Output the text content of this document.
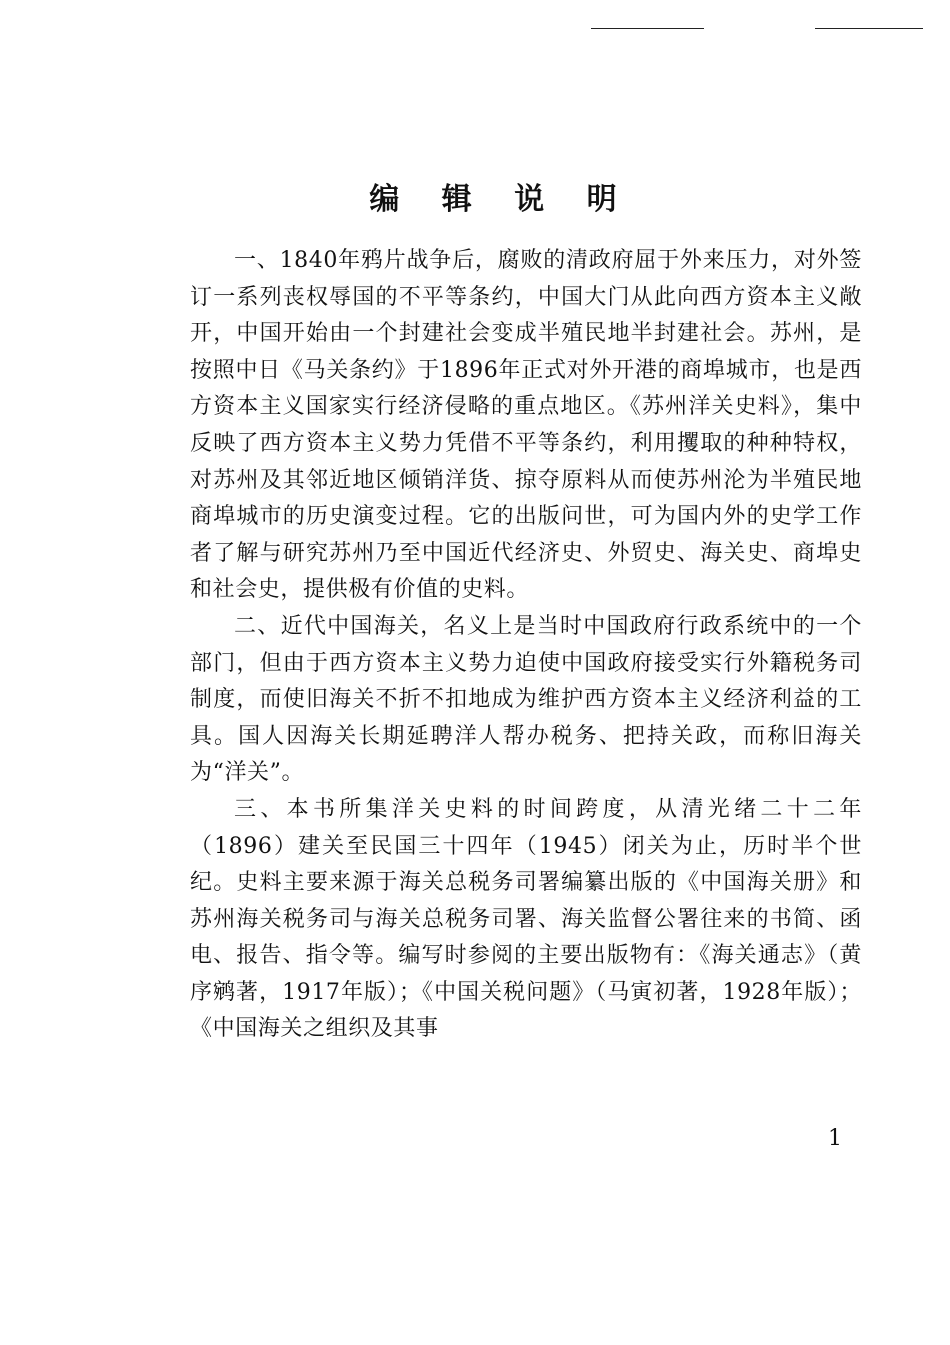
编 辑 说 明

一、1840年鸦片战争后，腐败的清政府屈于外来压力，对外签订一系列丧权辱国的不平等条约，中国大门从此向西方资本主义敞开，中国开始由一个封建社会变成半殖民地半封建社会。苏州，是按照中日《马关条约》于1896年正式对外开港的商埠城市，也是西方资本主义国家实行经济侵略的重点地区。《苏州洋关史料》，集中反映了西方资本主义势力凭借不平等条约，利用攫取的种种特权，对苏州及其邻近地区倾销洋货、掠夺原料从而使苏州沦为半殖民地商埠城市的历史演变过程。它的出版问世，可为国内外的史学工作者了解与研究苏州乃至中国近代经济史、外贸史、海关史、商埠史和社会史，提供极有价值的史料。

二、近代中国海关，名义上是当时中国政府行政系统中的一个部门，但由于西方资本主义势力迫使中国政府接受实行外籍税务司制度，而使旧海关不折不扣地成为维护西方资本主义经济利益的工具。国人因海关长期延聘洋人帮办税务、把持关政，而称旧海关为“洋关”。

三、本书所集洋关史料的时间跨度，从清光绪二十二年（1896）建关至民国三十四年（1945）闭关为止，历时半个世纪。史料主要来源于海关总税务司署编纂出版的《中国海关册》和苏州海关税务司与海关总税务司署、海关监督公署往来的书简、函电、报告、指令等。编写时参阅的主要出版物有：《海关通志》（黄序鹓著，1917年版）；《中国关税问题》（马寅初著，1928年版）；《中国海关之组织及其事

1
